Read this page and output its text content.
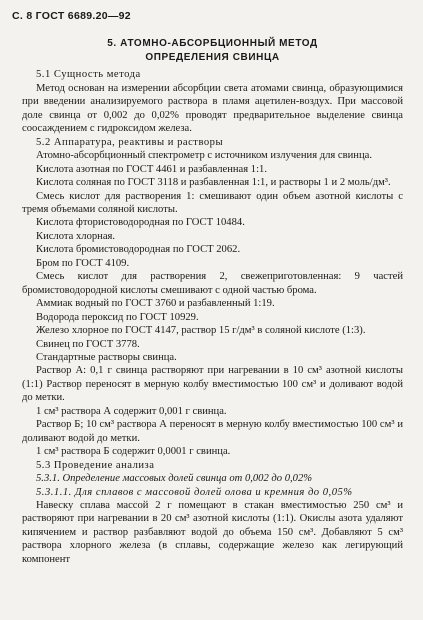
С. 8 ГОСТ 6689.20—92
5. АТОМНО-АБСОРБЦИОННЫЙ МЕТОД
ОПРЕДЕЛЕНИЯ СВИНЦА
5.1 Сущность метода
Метод основан на измерении абсорбции света атомами свинца, образующимися при введении анализируемого раствора в пламя ацетилен-воздух. При массовой доле свинца от 0,002 до 0,02% проводят предварительное выделение свинца соосаждением с гидроксидом железа.
5.2 Аппаратура, реактивы и растворы
Атомно-абсорбционный спектрометр с источником излучения для свинца.
Кислота азотная по ГОСТ 4461 и разбавленная 1:1.
Кислота соляная по ГОСТ 3118 и разбавленная 1:1, и растворы 1 и 2 моль/дм³.
Смесь кислот для растворения 1: смешивают один объем азотной кислоты с тремя объемами соляной кислоты.
Кислота фтористоводородная по ГОСТ 10484.
Кислота хлорная.
Кислота бромистоводородная по ГОСТ 2062.
Бром по ГОСТ 4109.
Смесь кислот для растворения 2, свежеприготовленная: 9 частей бромистоводородной кислоты смешивают с одной частью брома.
Аммиак водный по ГОСТ 3760 и разбавленный 1:19.
Водорода пероксид по ГОСТ 10929.
Железо хлорное по ГОСТ 4147, раствор 15 г/дм³ в соляной кислоте (1:3).
Свинец по ГОСТ 3778.
Стандартные растворы свинца.
Раствор А: 0,1 г свинца растворяют при нагревании в 10 см³ азотной кислоты (1:1) Раствор переносят в мерную колбу вместимостью 100 см³ и доливают водой до метки.
1 см³ раствора А содержит 0,001 г свинца.
Раствор Б; 10 см³ раствора А переносят в мерную колбу вместимостью 100 см³ и доливают водой до метки.
1 см³ раствора Б содержит 0,0001 г свинца.
5.3 Проведение анализа
5.3.1. Определение массовых долей свинца от 0,002 до 0,02%
5.3.1.1. Для сплавов с массовой долей олова и кремния до 0,05%
Навеску сплава массой 2 г помещают в стакан вместимостью 250 см³ и растворяют при нагревании в 20 см³ азотной кислоты (1:1). Окислы азота удаляют кипячением и раствор разбавляют водой до объема 150 см³. Добавляют 5 см³ раствора хлорного железа (в сплавы, содержащие железо как легирующий компонент
